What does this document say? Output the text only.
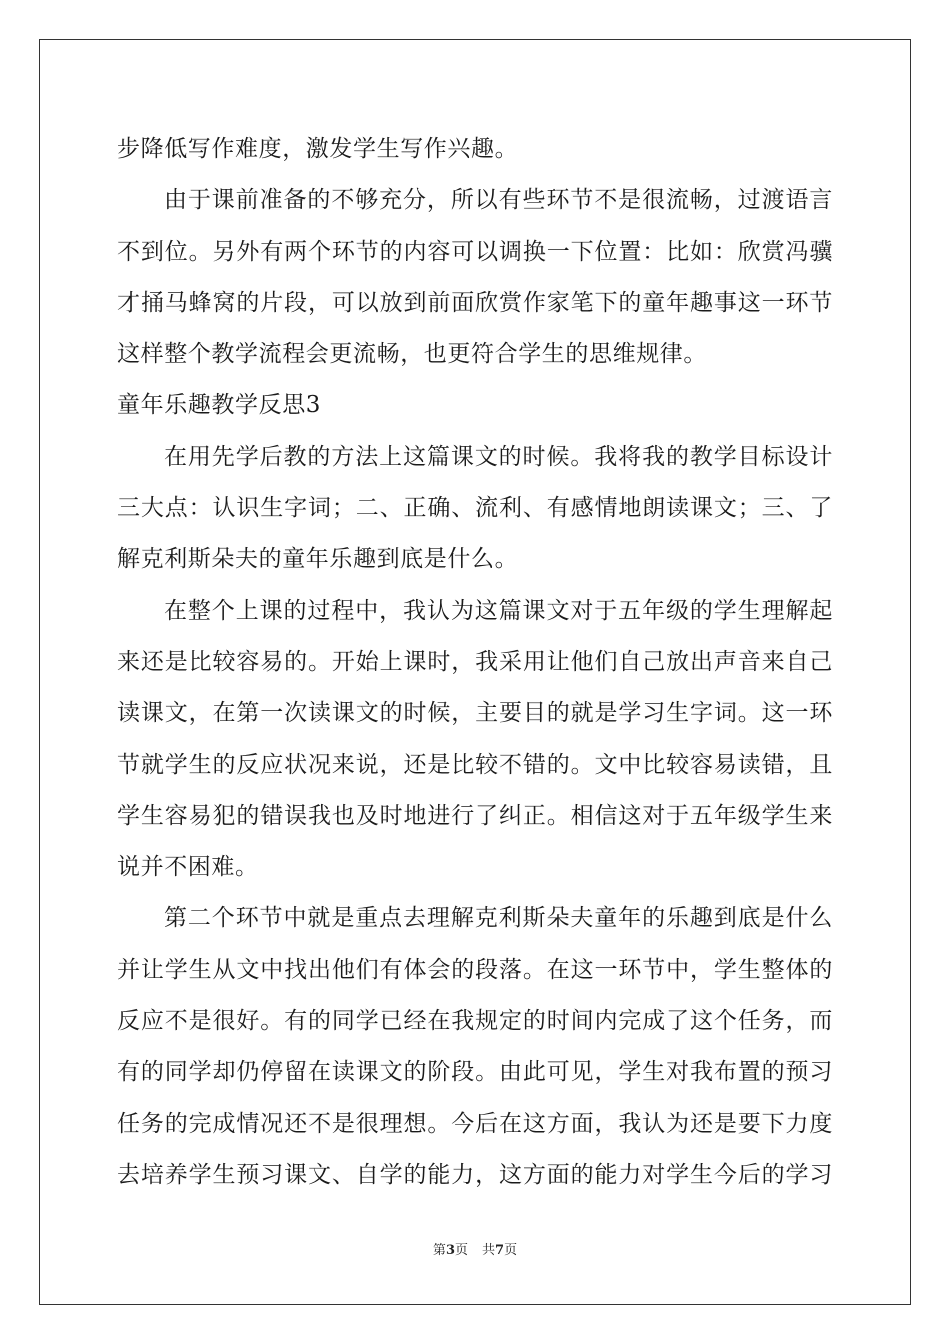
步降低写作难度，激发学生写作兴趣。
由于课前准备的不够充分，所以有些环节不是很流畅，过渡语言
不到位。另外有两个环节的内容可以调换一下位置：比如：欣赏冯骥
才捅马蜂窝的片段，可以放到前面欣赏作家笔下的童年趣事这一环节
这样整个教学流程会更流畅，也更符合学生的思维规律。
童年乐趣教学反思3
在用先学后教的方法上这篇课文的时候。我将我的教学目标设计
三大点：认识生字词；二、正确、流利、有感情地朗读课文；三、了
解克利斯朵夫的童年乐趣到底是什么。
在整个上课的过程中，我认为这篇课文对于五年级的学生理解起
来还是比较容易的。开始上课时，我采用让他们自己放出声音来自己
读课文，在第一次读课文的时候，主要目的就是学习生字词。这一环
节就学生的反应状况来说，还是比较不错的。文中比较容易读错，且
学生容易犯的错误我也及时地进行了纠正。相信这对于五年级学生来
说并不困难。
第二个环节中就是重点去理解克利斯朵夫童年的乐趣到底是什么
并让学生从文中找出他们有体会的段落。在这一环节中，学生整体的
反应不是很好。有的同学已经在我规定的时间内完成了这个任务，而
有的同学却仍停留在读课文的阶段。由此可见，学生对我布置的预习
任务的完成情况还不是很理想。今后在这方面，我认为还是要下力度
去培养学生预习课文、自学的能力，这方面的能力对学生今后的学习
第3页 共7页
